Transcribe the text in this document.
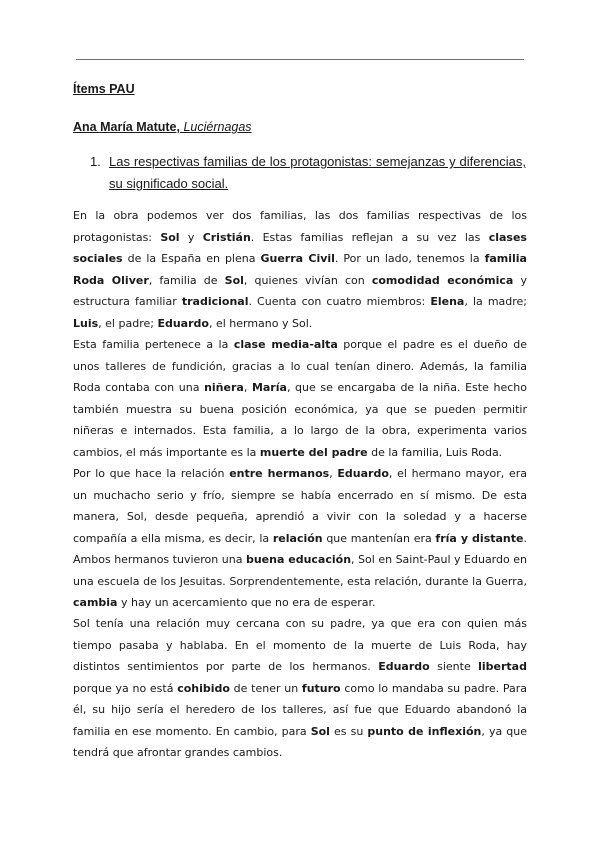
Ítems PAU
Ana María Matute, Luciérnagas
1. Las respectivas familias de los protagonistas: semejanzas y diferencias, su significado social.

En la obra podemos ver dos familias, las dos familias respectivas de los protagonistas: Sol y Cristián. Estas familias reflejan a su vez las clases sociales de la España en plena Guerra Civil. Por un lado, tenemos la familia Roda Oliver, familia de Sol, quienes vivían con comodidad económica y estructura familiar tradicional. Cuenta con cuatro miembros: Elena, la madre; Luis, el padre; Eduardo, el hermano y Sol.

Esta familia pertenece a la clase media-alta porque el padre es el dueño de unos talleres de fundición, gracias a lo cual tenían dinero. Además, la familia Roda contaba con una niñera, María, que se encargaba de la niña. Este hecho también muestra su buena posición económica, ya que se pueden permitir niñeras e internados. Esta familia, a lo largo de la obra, experimenta varios cambios, el más importante es la muerte del padre de la familia, Luis Roda.

Por lo que hace la relación entre hermanos, Eduardo, el hermano mayor, era un muchacho serio y frío, siempre se había encerrado en sí mismo. De esta manera, Sol, desde pequeña, aprendió a vivir con la soledad y a hacerse compañía a ella misma, es decir, la relación que mantenían era fría y distante. Ambos hermanos tuvieron una buena educación, Sol en Saint-Paul y Eduardo en una escuela de los Jesuitas. Sorprendentemente, esta relación, durante la Guerra, cambia y hay un acercamiento que no era de esperar.

Sol tenía una relación muy cercana con su padre, ya que era con quien más tiempo pasaba y hablaba. En el momento de la muerte de Luis Roda, hay distintos sentimientos por parte de los hermanos. Eduardo siente libertad porque ya no está cohibido de tener un futuro como lo mandaba su padre. Para él, su hijo sería el heredero de los talleres, así fue que Eduardo abandonó la familia en ese momento. En cambio, para Sol es su punto de inflexión, ya que tendrá que afrontar grandes cambios.
